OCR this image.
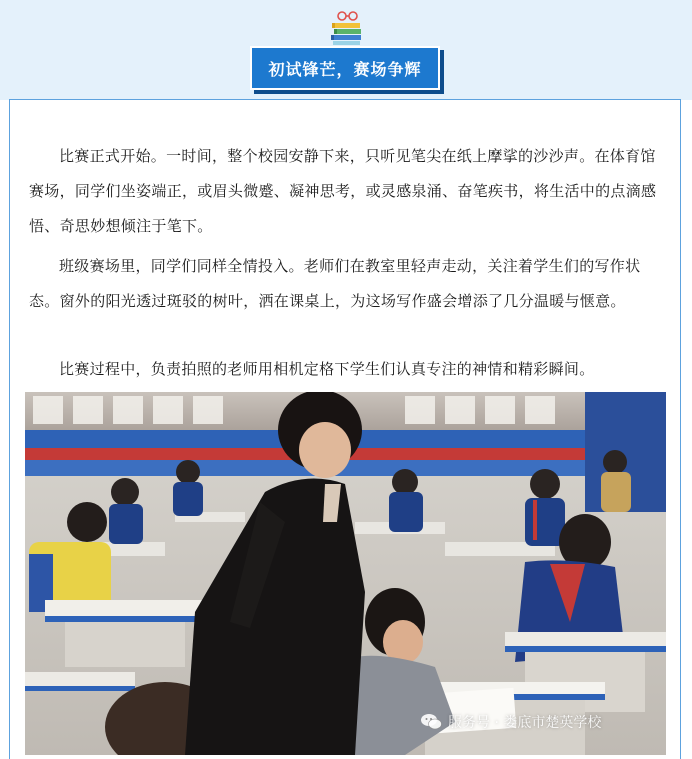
初试锋芒，赛场争辉

比赛正式开始。一时间，整个校园安静下来，只听见笔尖在纸上摩挲的沙沙声。在体育馆赛场，同学们坐姿端正，或眉头微蹙、凝神思考，或灵感泉涌、奋笔疾书，将生活中的点滴感悟、奇思妙想倾注于笔下。

班级赛场里，同学们同样全情投入。老师们在教室里轻声走动，关注着学生们的写作状态。窗外的阳光透过斑驳的树叶，洒在课桌上，为这场写作盛会增添了几分温暖与惬意。

比赛过程中，负责拍照的老师用相机定格下学生们认真专注的神情和精彩瞬间。

服务号 · 娄底市楚英学校
